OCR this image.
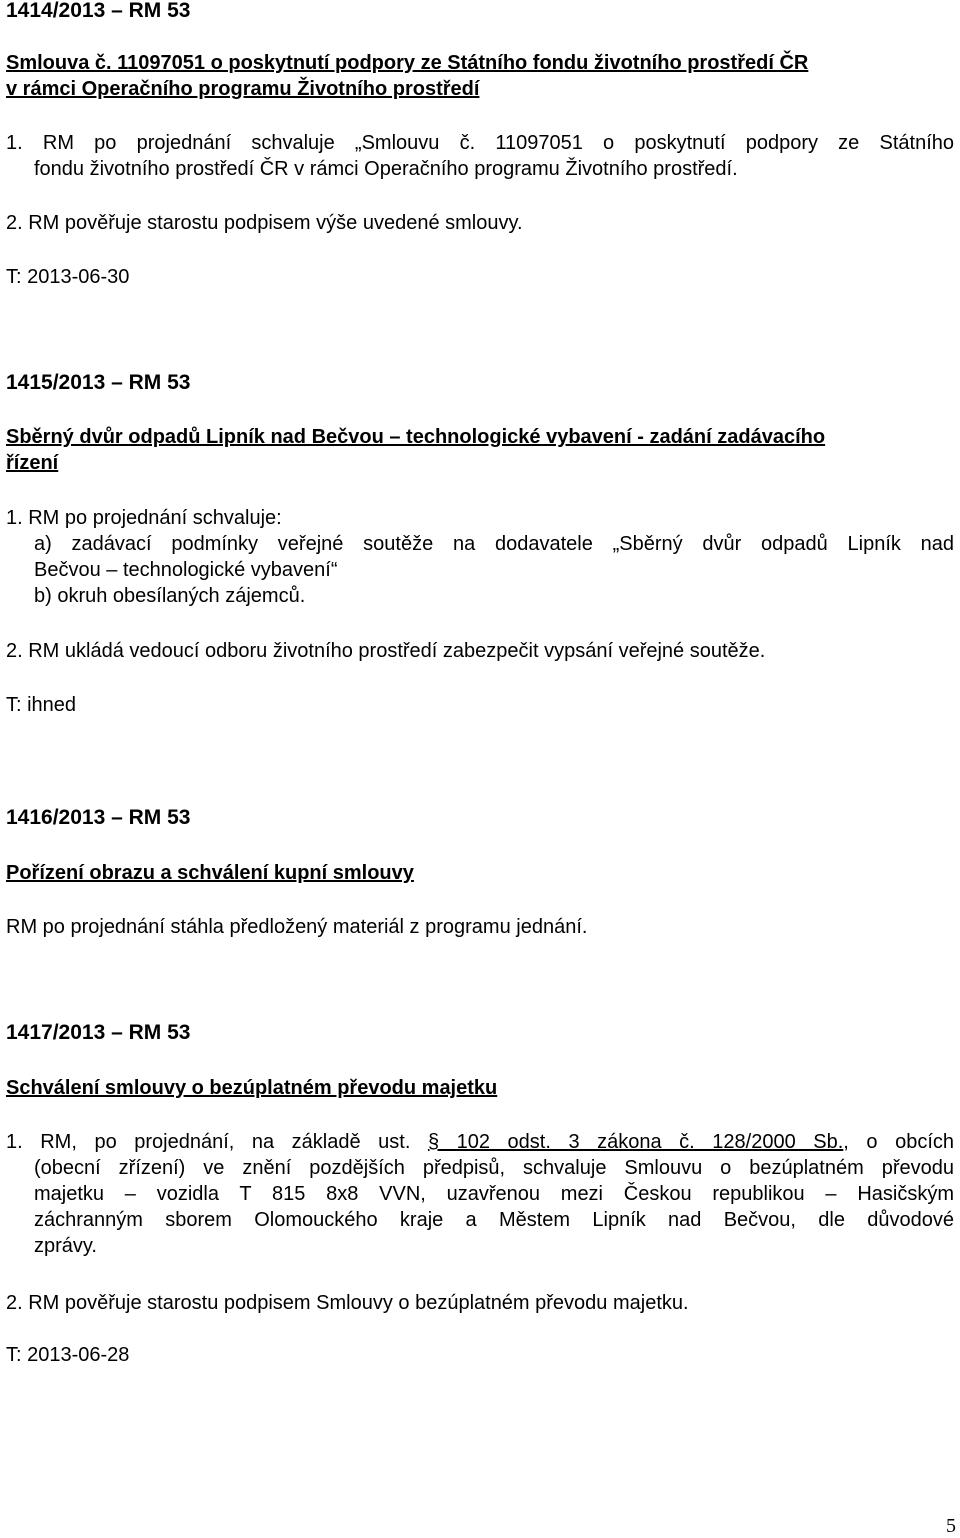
1414/2013 – RM 53
Smlouva č. 11097051 o poskytnutí podpory ze Státního fondu životního prostředí ČR
v rámci Operačního programu Životního prostředí
1. RM po projednání schvaluje „Smlouvu č. 11097051 o poskytnutí podpory ze Státního
fondu životního prostředí ČR v rámci Operačního programu Životního prostředí.
2. RM pověřuje starostu podpisem výše uvedené smlouvy.
T: 2013-06-30
1415/2013 – RM 53
Sběrný dvůr odpadů Lipník nad Bečvou – technologické vybavení - zadání zadávacího
řízení
1. RM po projednání schvaluje:
a) zadávací podmínky veřejné soutěže na dodavatele „Sběrný dvůr odpadů Lipník nad
Bečvou – technologické vybavení“
b) okruh obesílaných zájemců.
2. RM ukládá vedoucí odboru životního prostředí zabezpečit vypsání veřejné soutěže.
T: ihned
1416/2013 – RM 53
Pořízení obrazu a schválení kupní smlouvy
RM po projednání stáhla předložený materiál z programu jednání.
1417/2013 – RM 53
Schválení smlouvy o bezúplatném převodu majetku
1. RM, po projednání, na základě ust. § 102 odst. 3 zákona č. 128/2000 Sb., o obcích
(obecní zřízení) ve znění pozdějších předpisů, schvaluje Smlouvu o bezúplatném převodu
majetku – vozidla T 815 8x8 VVN, uzavřenou mezi Českou republikou – Hasičským
záchranným sborem Olomouckého kraje a Městem Lipník nad Bečvou, dle důvodové
zprávy.
2. RM pověřuje starostu podpisem Smlouvy o bezúplatném převodu majetku.
T: 2013-06-28
5
